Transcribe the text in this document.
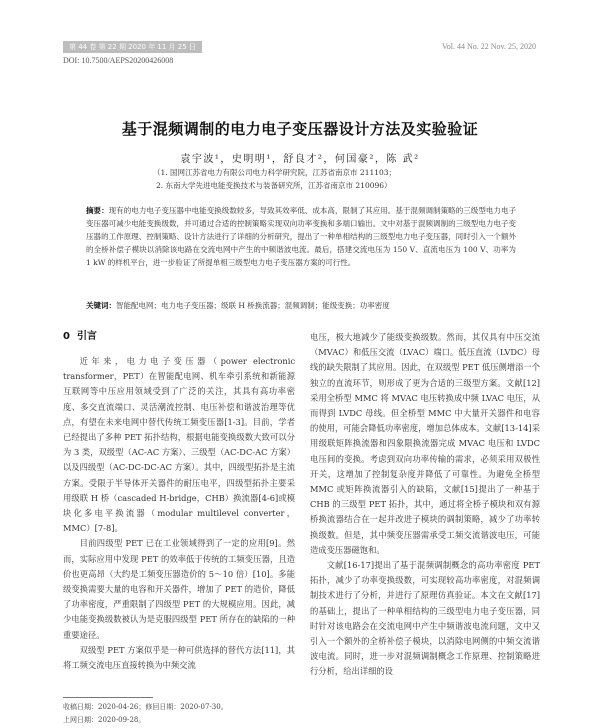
第 44 卷 第 22 期 2020 年 11 月 25 日	Vol. 44 No. 22 Nov. 25, 2020
DOI: 10.7500/AEPS20200426008
基于混频调制的电力电子变压器设计方法及实验验证
袁宇波¹，史明明¹，舒良才²，何国豪²，陈 武²
（1. 国网江苏省电力有限公司电力科学研究院，江苏省南京市 211103；
2. 东南大学先进电能变换技术与装备研究所，江苏省南京市 210096）
摘要：现有的电力电子变压器中电能变换级数较多，导致其效率低、成本高，限制了其应用。基于混频调制策略的三级型电力电子变压器可减少电能变换级数，并可通过合适的控制策略实现双向功率变换和多端口输出。文中对基于混频调制的三级型电力电子变压器的工作原理、控制策略、设计方法进行了详细的分析研究，提出了一种单相结构的三级型电力电子变压器，同时引入一个额外的全桥补偿子模块以消除该电路在交流电网中产生的中频谐波电流。最后，搭建交流电压为 150 V、直流电压为 100 V、功率为 1 kW 的样机平台，进一步验证了所提单相三级型电力电子变压器方案的可行性。
关键词：智能配电网；电力电子变压器；级联 H 桥换流器；混频调制；能级变换；功率密度
0 引言

近年来，电力电子变压器（power electronic transformer，PET）在智能配电网、机车牵引系统和新能源互联网等中压应用领域受到了广泛的关注，其具有高功率密度、多交直流端口、灵活潮流控制、电压补偿和谐波治理等优点，有望在未来电网中替代传统工频变压器[1-3]。目前，学者已经提出了多种 PET 拓扑结构，根据电能变换级数大致可以分为 3 类，双级型（AC-AC 方案）、三级型（AC-DC-AC 方案）以及四级型（AC-DC-DC-AC 方案）。其中，四级型拓扑是主流方案。受限于半导体开关器件的耐压电平，四级型拓扑主要采用级联 H 桥（cascaded H-bridge，CHB）换流器[4-6]或模块化多电平换流器（modular multilevel converter，MMC）[7-8]。

目前四级型 PET 已在工业领域得到了一定的应用[9]。然而，实际应用中发现 PET 的效率低于传统的工频变压器，且造价也更高昂（大约是工频变压器造价的 5～10 倍）[10]。多能级变换需要大量的电容和开关器件，增加了 PET 的造价，降低了功率密度，严重限制了四级型 PET 的大规模应用。因此，减少电能变换级数被认为是克服四级型 PET 所存在的缺陷的一种重要途径。

双级型 PET 方案似乎是一种可供选择的替代方法[11]，其将工频交流电压直接转换为中频交流

电压，极大地减少了能级变换级数。然而，其仅具有中压交流（MVAC）和低压交流（LVAC）端口。低压直流（LVDC）母线的缺失限制了其应用。因此，在双级型 PET 低压侧增添一个独立的直流环节，则形成了更为合适的三级型方案。文献[12]采用全桥型 MMC 将 MVAC 电压转换成中频 LVAC 电压，从而得到 LVDC 母线。但全桥型 MMC 中大量开关器件和电容的使用，可能会降低功率密度，增加总体成本。文献[13-14]采用级联矩阵换流器和四象限换流器完成 MVAC 电压和 LVDC 电压间的变换。考虑到双向功率传输的需求，必须采用双极性开关，这增加了控制复杂度并降低了可靠性。为避免全桥型 MMC 或矩阵换流器引入的缺陷，文献[15]提出了一种基于 CHB 的三级型 PET 拓扑，其中，通过将全桥子模块和双有源桥换流器结合在一起并改进子模块的调制策略，减少了功率转换级数。但是，其中频变压器需承受工频交流谐波电压，可能造成变压器磁饱和。

文献[16-17]提出了基于混频调制概念的高功率密度 PET 拓扑，减少了功率变换级数，可实现较高功率密度，对混频调制技术进行了分析，并进行了原理仿真验证。本文在文献[17]的基础上，提出了一种单相结构的三级型电力电子变压器，同时针对该电路会在交流电网中产生中频谐波电流问题，文中又引入一个额外的全桥补偿子模块，以消除电网侧的中频交流谐波电流。同时，进一步对混频调制概念工作原理、控制策略进行分析，给出详细的设

收稿日期：2020-04-26；修回日期：2020-07-30。
上网日期：2020-09-28。
